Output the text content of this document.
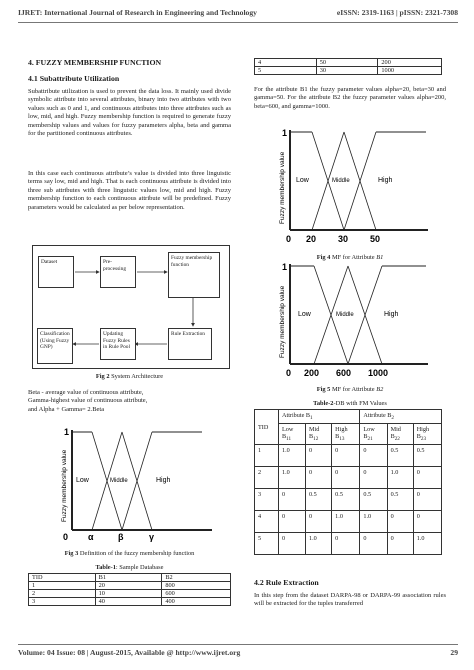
IJRET: International Journal of Research in Engineering and Technology	eISSN: 2319-1163 | pISSN: 2321-7308
4. FUZZY MEMBERSHIP FUNCTION
4.1 Subattribute Utilization
Subattribute utilization is used to prevent the data loss. It mainly used divide symbolic attribute into several attributes, binary into two attributes with two values such as 0 and 1, and continuous attributes into three attributes such as low, mid, and high. Fuzzy membership function is required to generate fuzzy membership values and values for fuzzy parameters alpha, beta and gamma for the partitioned continuous attributes.
In this case each continuous attribute’s value is divided into three linguistic terms say low, mid and high. That is each continuous attribute is divided into three sub attributes with three linguistic values low, mid and high. Fuzzy membership function to each continuous attribute will be predefined. Fuzzy parameters would be calculated as per below representation.
Dataset	Pre-processing
Fuzzy membership function
Classification (Using Fuzzy GNP)
Updating Fuzzy Rules in Rule Pool
Rule Extraction
Fig 2 System Architecture
Beta - average value of continuous attribute,
Gamma-highest value of continuous attribute,
and Alpha + Gamma= 2.Beta
1
0 α	β	γ
Low	Middle	High
Fuzzy membership value
Fig 3 Definition of the fuzzy membership function
Table-1: Sample Database
TID	B1	B2
1	20	800
2	10	600
3	40	400
4	50	200
5	30	1000
For the attribute B1 the fuzzy parameter values alpha=20, beta=30 and gamma=50. For the attribute B2 the fuzzy parameter values alpha=200, beta=600, and gamma=1000.
1
0 20 30 50
Low	Middle	High
Fuzzy membership value
Fig 4 MF for Attribute B1
1
0 200 600 1000
Low	Middle	High
Fuzzy membership value
Fig 5 MF for Attribute B2
Table-2-DB with FM Values
TID	Attribute $B_1$			Attribute $B_2$
	Low $B_{11}$	Mid $B_{12}$	High $B_{13}$	Low $B_{21}$	Mid $B_{22}$	High $B_{23}$
1	1.0	0	0	0	0.5	0.5
2	1.0	0	0	0	1.0	0
3	0	0.5	0.5	0.5	0.5	0
4	0	0	1.0	1.0	0	0
5	0	1.0	0	0	0	1.0
4.2 Rule Extraction
In this step from the dataset DARPA-98 or DARPA-99 association rules will be extracted for the tuples transferred
Volume: 04 Issue: 08 | August-2015, Available @ http://www.ijret.org	29
